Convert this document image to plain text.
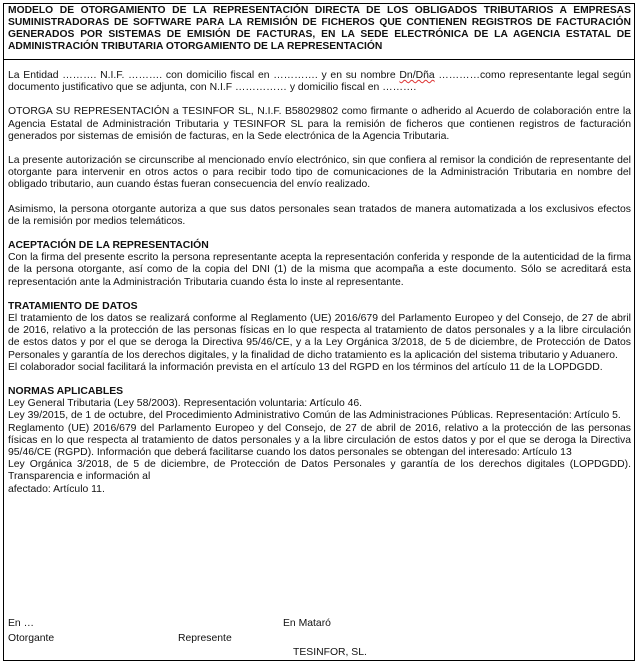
MODELO DE OTORGAMIENTO DE LA REPRESENTACIÓN DIRECTA DE LOS OBLIGADOS TRIBUTARIOS A EMPRESAS SUMINISTRADORAS DE SOFTWARE PARA LA REMISIÓN DE FICHEROS QUE CONTIENEN REGISTROS DE FACTURACIÓN GENERADOS POR SISTEMAS DE EMISIÓN DE FACTURAS, EN LA SEDE ELECTRÓNICA DE LA AGENCIA ESTATAL DE ADMINISTRACIÓN TRIBUTARIA OTORGAMIENTO DE LA REPRESENTACIÓN

La Entidad ………. N.I.F. ………. con domicilio fiscal en …………. y en su nombre Dn/Dña …………como representante legal según documento justificativo que se adjunta, con N.I.F …………… y domicilio fiscal en ……….

OTORGA SU REPRESENTACIÓN a TESINFOR SL, N.I.F. B58029802 como firmante o adherido al Acuerdo de colaboración entre la Agencia Estatal de Administración Tributaria y TESINFOR SL para la remisión de ficheros que contienen registros de facturación generados por sistemas de emisión de facturas, en la Sede electrónica de la Agencia Tributaria.

La presente autorización se circunscribe al mencionado envío electrónico, sin que confiera al remisor la condición de representante del otorgante para intervenir en otros actos o para recibir todo tipo de comunicaciones de la Administración Tributaria en nombre del obligado tributario, aun cuando éstas fueran consecuencia del envío realizado.

Asimismo, la persona otorgante autoriza a que sus datos personales sean tratados de manera automatizada a los exclusivos efectos de la remisión por medios telemáticos.

ACEPTACIÓN DE LA REPRESENTACIÓN

Con la firma del presente escrito la persona representante acepta la representación conferida y responde de la autenticidad de la firma de la persona otorgante, así como de la copia del DNI (1) de la misma que acompaña a este documento. Sólo se acreditará esta representación ante la Administración Tributaria cuando ésta lo inste al representante.

TRATAMIENTO DE DATOS

El tratamiento de los datos se realizará conforme al Reglamento (UE) 2016/679 del Parlamento Europeo y del Consejo, de 27 de abril de 2016, relativo a la protección de las personas físicas en lo que respecta al tratamiento de datos personales y a la libre circulación de estos datos y por el que se deroga la Directiva 95/46/CE, y a la Ley Orgánica 3/2018, de 5 de diciembre, de Protección de Datos Personales y garantía de los derechos digitales, y la finalidad de dicho tratamiento es la aplicación del sistema tributario y Aduanero.

El colaborador social facilitará la información prevista en el artículo 13 del RGPD en los términos del artículo 11 de la LOPDGDD.

NORMAS APLICABLES

Ley General Tributaria (Ley 58/2003). Representación voluntaria: Artículo 46.

Ley 39/2015, de 1 de octubre, del Procedimiento Administrativo Común de las Administraciones Públicas. Representación: Artículo 5.

Reglamento (UE) 2016/679 del Parlamento Europeo y del Consejo, de 27 de abril de 2016, relativo a la protección de las personas físicas en lo que respecta al tratamiento de datos personales y a la libre circulación de estos datos y por el que se deroga la Directiva 95/46/CE (RGPD). Información que deberá facilitarse cuando los datos personales se obtengan del interesado: Artículo 13

Ley Orgánica 3/2018, de 5 de diciembre, de Protección de Datos Personales y garantía de los derechos digitales (LOPDGDD). Transparencia e información al

afectado: Artículo 11.

En …	En Mataró
Otorgante	Represente
TESINFOR, SL.
